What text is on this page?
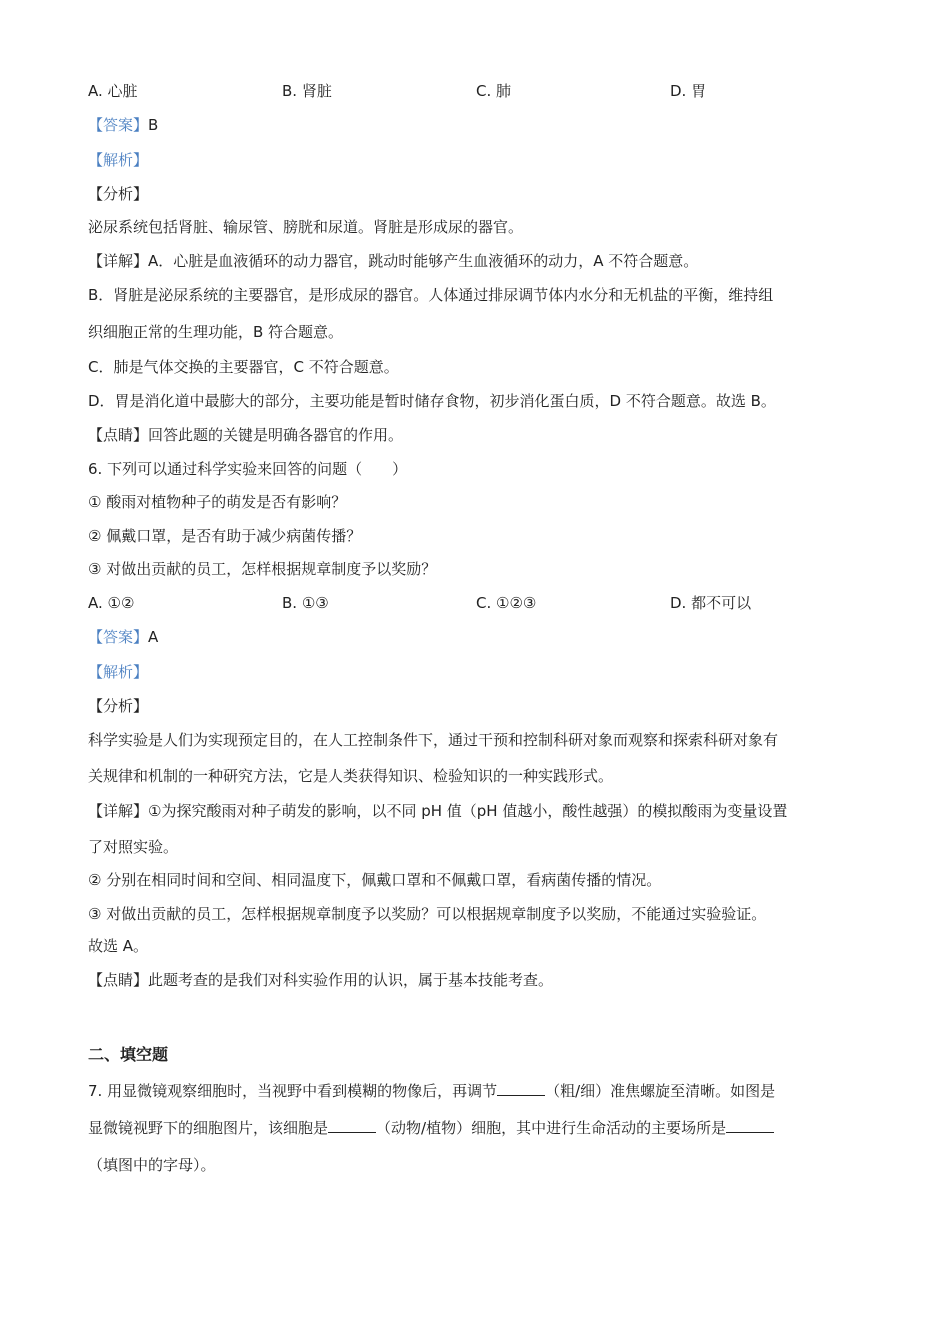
A. 心脏	B. 肾脏	C. 肺	D. 胃
【答案】B
【解析】
【分析】
泌尿系统包括肾脏、输尿管、膀胱和尿道。肾脏是形成尿的器官。
【详解】A．心脏是血液循环的动力器官，跳动时能够产生血液循环的动力，A 不符合题意。
B．肾脏是泌尿系统的主要器官，是形成尿的器官。人体通过排尿调节体内水分和无机盐的平衡，维持组
织细胞正常的生理功能，B 符合题意。
C．肺是气体交换的主要器官，C 不符合题意。
D．胃是消化道中最膨大的部分，主要功能是暂时储存食物，初步消化蛋白质，D 不符合题意。故选 B。
【点睛】回答此题的关键是明确各器官的作用。
6. 下列可以通过科学实验来回答的问题（　　）
① 酸雨对植物种子的萌发是否有影响？
② 佩戴口罩，是否有助于减少病菌传播？
③ 对做出贡献的员工，怎样根据规章制度予以奖励？
A. ①②	B. ①③	C. ①②③	D. 都不可以
【答案】A
【解析】
【分析】
科学实验是人们为实现预定目的，在人工控制条件下，通过干预和控制科研对象而观察和探索科研对象有
关规律和机制的一种研究方法，它是人类获得知识、检验知识的一种实践形式。
【详解】①为探究酸雨对种子萌发的影响，以不同 pH 值（pH 值越小，酸性越强）的模拟酸雨为变量设置
了对照实验。
② 分别在相同时间和空间、相同温度下，佩戴口罩和不佩戴口罩，看病菌传播的情况。
③ 对做出贡献的员工，怎样根据规章制度予以奖励？可以根据规章制度予以奖励，不能通过实验验证。
故选 A。
【点睛】此题考查的是我们对科实验作用的认识，属于基本技能考查。
二、填空题
7. 用显微镜观察细胞时，当视野中看到模糊的物像后，再调节	（粗/细）准焦螺旋至清晰。如图是
显微镜视野下的细胞图片，该细胞是	（动物/植物）细胞，其中进行生命活动的主要场所是
（填图中的字母）。
